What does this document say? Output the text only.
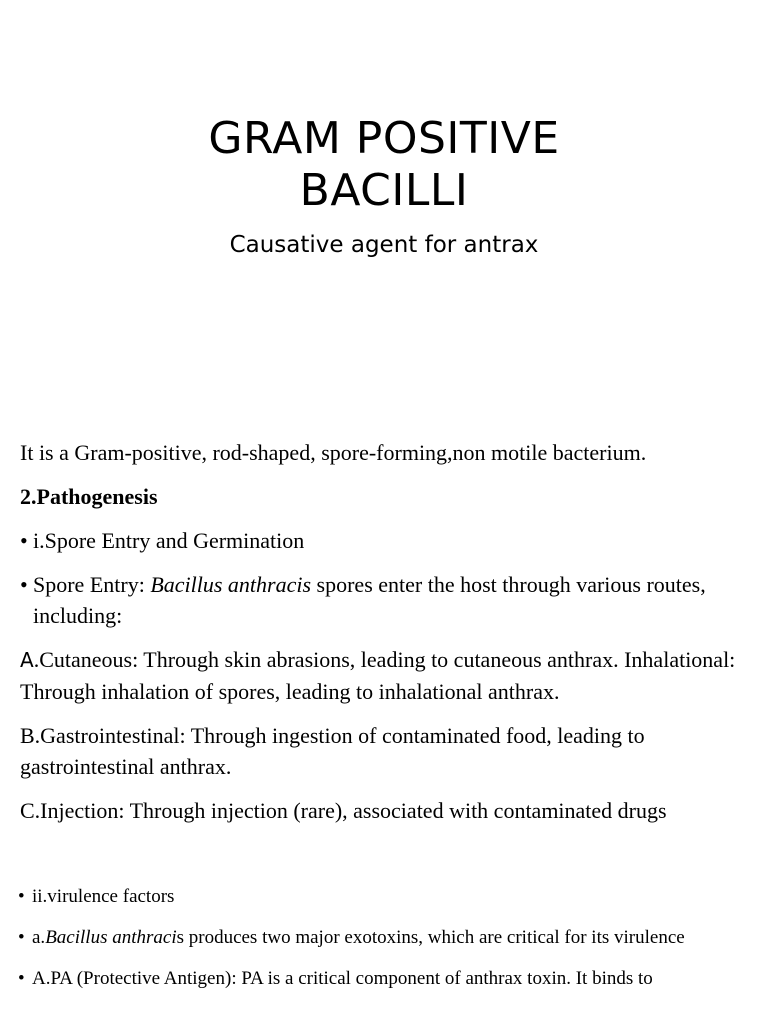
GRAM POSITIVE
BACILLI
Causative agent for antrax

It is a Gram-positive, rod-shaped, spore-forming,non motile bacterium.

2.Pathogenesis

• i.Spore Entry and Germination
• Spore Entry: Bacillus anthracis spores enter the host through various routes, including:

A.Cutaneous: Through skin abrasions, leading to cutaneous anthrax. Inhalational: Through inhalation of spores, leading to inhalational anthrax.

B.Gastrointestinal: Through ingestion of contaminated food, leading to gastrointestinal anthrax.

C.Injection: Through injection (rare), associated with contaminated drugs

• ii.virulence factors
• a.Bacillus anthracis produces two major exotoxins, which are critical for its virulence
• A.PA (Protective Antigen): PA is a critical component of anthrax toxin. It binds to
